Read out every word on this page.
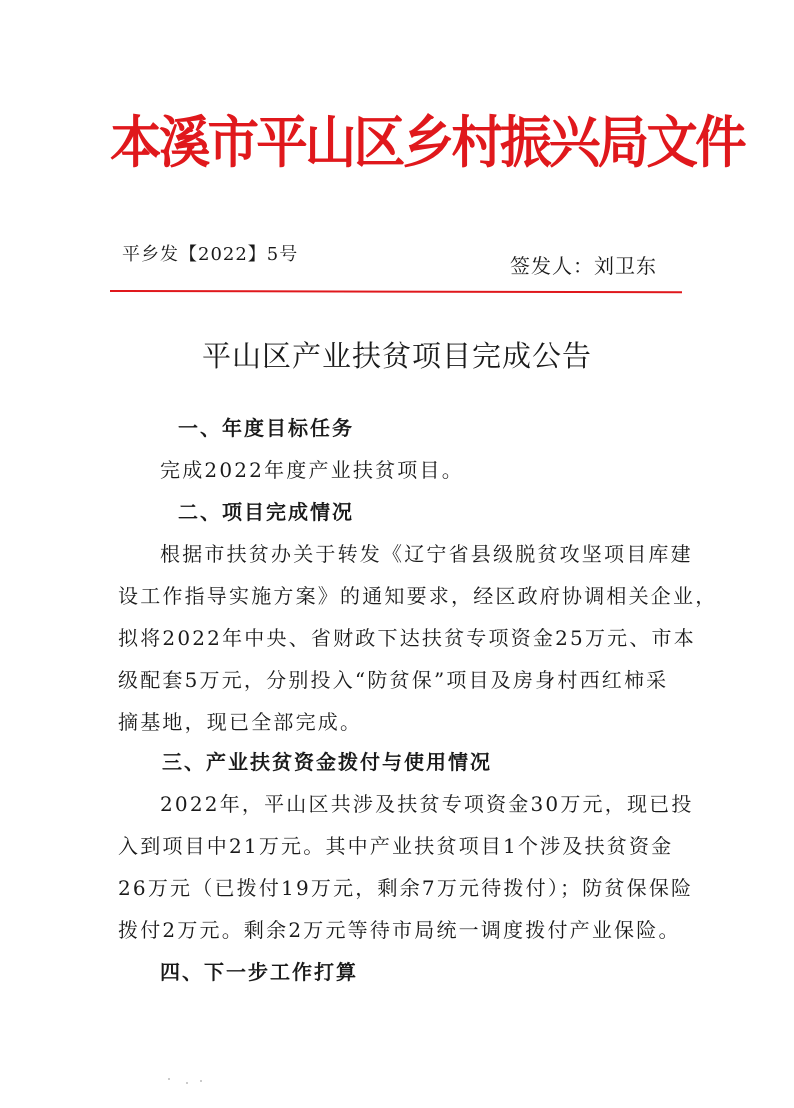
本溪市平山区乡村振兴局文件
平乡发【2022】5号	签发人：刘卫东
平山区产业扶贫项目完成公告
一、年度目标任务
完成2022年度产业扶贫项目。
二、项目完成情况
根据市扶贫办关于转发《辽宁省县级脱贫攻坚项目库建
设工作指导实施方案》的通知要求，经区政府协调相关企业，
拟将2022年中央、省财政下达扶贫专项资金25万元、市本
级配套5万元，分别投入“防贫保”项目及房身村西红柿采
摘基地，现已全部完成。
三、产业扶贫资金拨付与使用情况
2022年，平山区共涉及扶贫专项资金30万元，现已投
入到项目中21万元。其中产业扶贫项目1个涉及扶贫资金
26万元（已拨付19万元，剩余7万元待拨付）；防贫保保险
拨付2万元。剩余2万元等待市局统一调度拨付产业保险。
四、下一步工作打算
